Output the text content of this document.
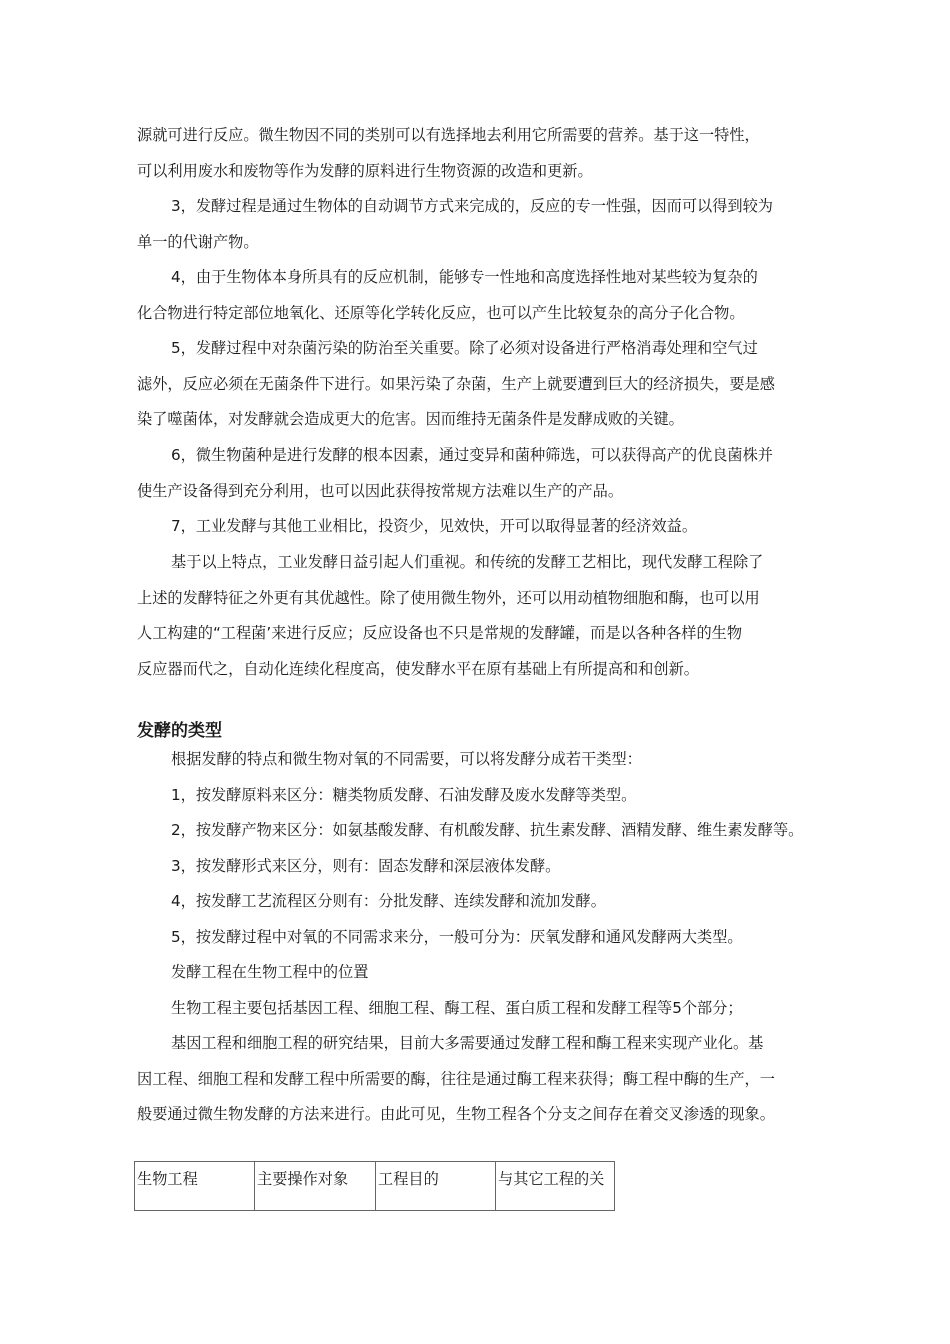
源就可进行反应。微生物因不同的类别可以有选择地去利用它所需要的营养。基于这一特性，
可以利用废水和废物等作为发酵的原料进行生物资源的改造和更新。
3，发酵过程是通过生物体的自动调节方式来完成的，反应的专一性强，因而可以得到较为
单一的代谢产物。
4，由于生物体本身所具有的反应机制，能够专一性地和高度选择性地对某些较为复杂的
化合物进行特定部位地氧化、还原等化学转化反应，也可以产生比较复杂的高分子化合物。
5，发酵过程中对杂菌污染的防治至关重要。除了必须对设备进行严格消毒处理和空气过
滤外，反应必须在无菌条件下进行。如果污染了杂菌，生产上就要遭到巨大的经济损失，要是感
染了噬菌体，对发酵就会造成更大的危害。因而维持无菌条件是发酵成败的关键。
6，微生物菌种是进行发酵的根本因素，通过变异和菌种筛选，可以获得高产的优良菌株并
使生产设备得到充分利用，也可以因此获得按常规方法难以生产的产品。
7，工业发酵与其他工业相比，投资少，见效快，开可以取得显著的经济效益。
基于以上特点，工业发酵日益引起人们重视。和传统的发酵工艺相比，现代发酵工程除了
上述的发酵特征之外更有其优越性。除了使用微生物外，还可以用动植物细胞和酶，也可以用
人工构建的“工程菌’来进行反应；反应设备也不只是常规的发酵罐，而是以各种各样的生物
反应器而代之，自动化连续化程度高，使发酵水平在原有基础上有所提高和和创新。
发酵的类型
根据发酵的特点和微生物对氧的不同需要，可以将发酵分成若干类型：
1，按发酵原料来区分：糖类物质发酵、石油发酵及废水发酵等类型。
2，按发酵产物来区分：如氨基酸发酵、有机酸发酵、抗生素发酵、酒精发酵、维生素发酵等。
3，按发酵形式来区分，则有：固态发酵和深层液体发酵。
4，按发酵工艺流程区分则有：分批发酵、连续发酵和流加发酵。
5，按发酵过程中对氧的不同需求来分，一般可分为：厌氧发酵和通风发酵两大类型。
发酵工程在生物工程中的位置
生物工程主要包括基因工程、细胞工程、酶工程、蛋白质工程和发酵工程等5个部分；
基因工程和细胞工程的研究结果，目前大多需要通过发酵工程和酶工程来实现产业化。基
因工程、细胞工程和发酵工程中所需要的酶，往往是通过酶工程来获得；酶工程中酶的生产，一
般要通过微生物发酵的方法来进行。由此可见，生物工程各个分支之间存在着交叉渗透的现象。
生物工程	主要操作对象	工程目的	与其它工程的关
